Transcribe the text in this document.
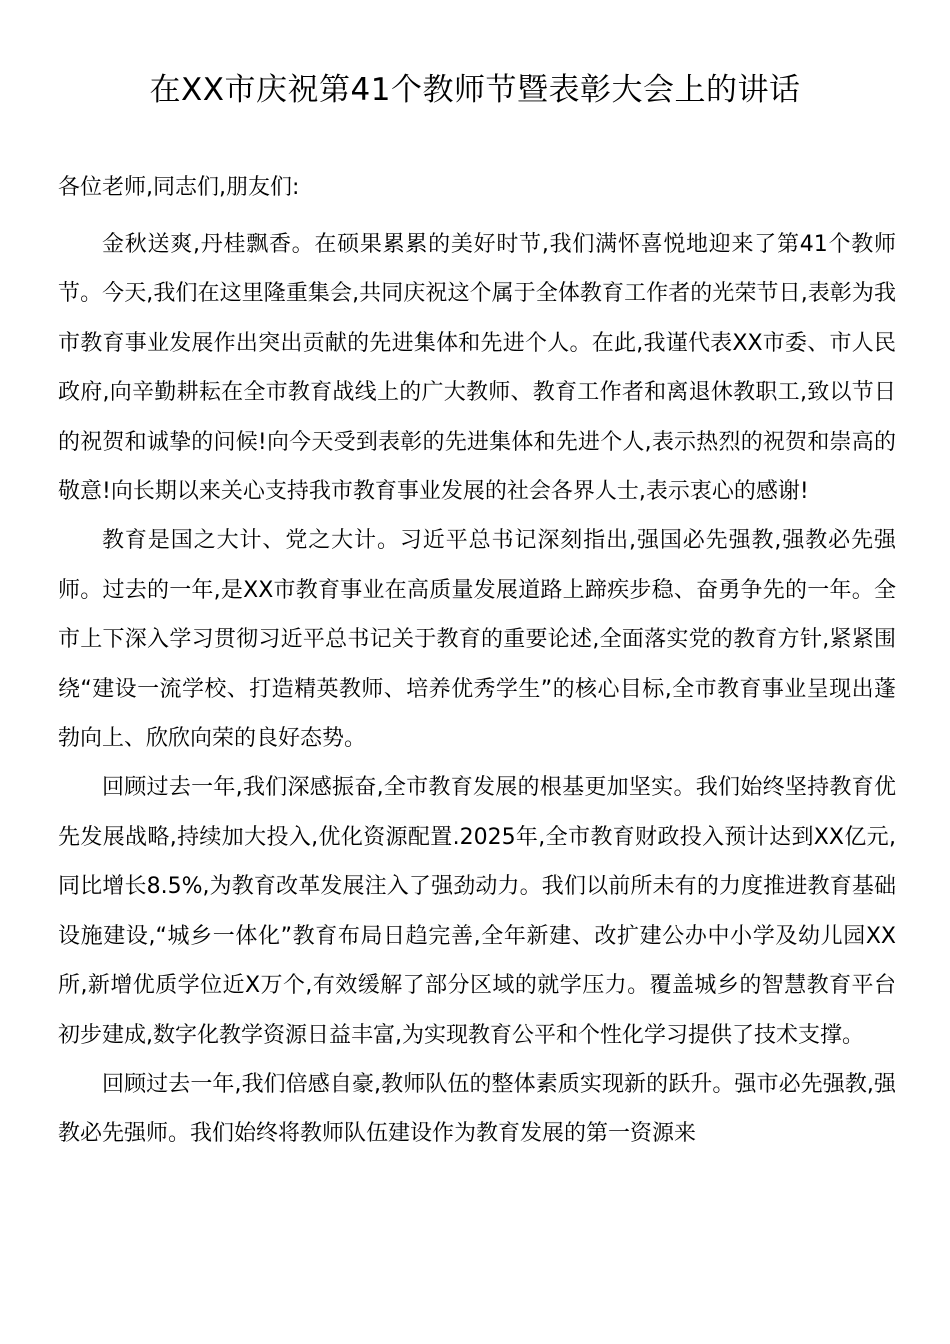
在XX市庆祝第41个教师节暨表彰大会上的讲话
各位老师,同志们,朋友们:

金秋送爽,丹桂飘香。在硕果累累的美好时节,我们满怀喜悦地迎来了第41个教师节。今天,我们在这里隆重集会,共同庆祝这个属于全体教育工作者的光荣节日,表彰为我市教育事业发展作出突出贡献的先进集体和先进个人。在此,我谨代表XX市委、市人民政府,向辛勤耕耘在全市教育战线上的广大教师、教育工作者和离退休教职工,致以节日的祝贺和诚挚的问候!向今天受到表彰的先进集体和先进个人,表示热烈的祝贺和崇高的敬意!向长期以来关心支持我市教育事业发展的社会各界人士,表示衷心的感谢!

教育是国之大计、党之大计。习近平总书记深刻指出,强国必先强教,强教必先强师。过去的一年,是XX市教育事业在高质量发展道路上蹄疾步稳、奋勇争先的一年。全市上下深入学习贯彻习近平总书记关于教育的重要论述,全面落实党的教育方针,紧紧围绕“建设一流学校、打造精英教师、培养优秀学生”的核心目标,全市教育事业呈现出蓬勃向上、欣欣向荣的良好态势。

回顾过去一年,我们深感振奋,全市教育发展的根基更加坚实。我们始终坚持教育优先发展战略,持续加大投入,优化资源配置.2025年,全市教育财政投入预计达到XX亿元,同比增长8.5%,为教育改革发展注入了强劲动力。我们以前所未有的力度推进教育基础设施建设,“城乡一体化”教育布局日趋完善,全年新建、改扩建公办中小学及幼儿园XX所,新增优质学位近X万个,有效缓解了部分区域的就学压力。覆盖城乡的智慧教育平台初步建成,数字化教学资源日益丰富,为实现教育公平和个性化学习提供了技术支撑。

回顾过去一年,我们倍感自豪,教师队伍的整体素质实现新的跃升。强市必先强教,强教必先强师。我们始终将教师队伍建设作为教育发展的第一资源来
